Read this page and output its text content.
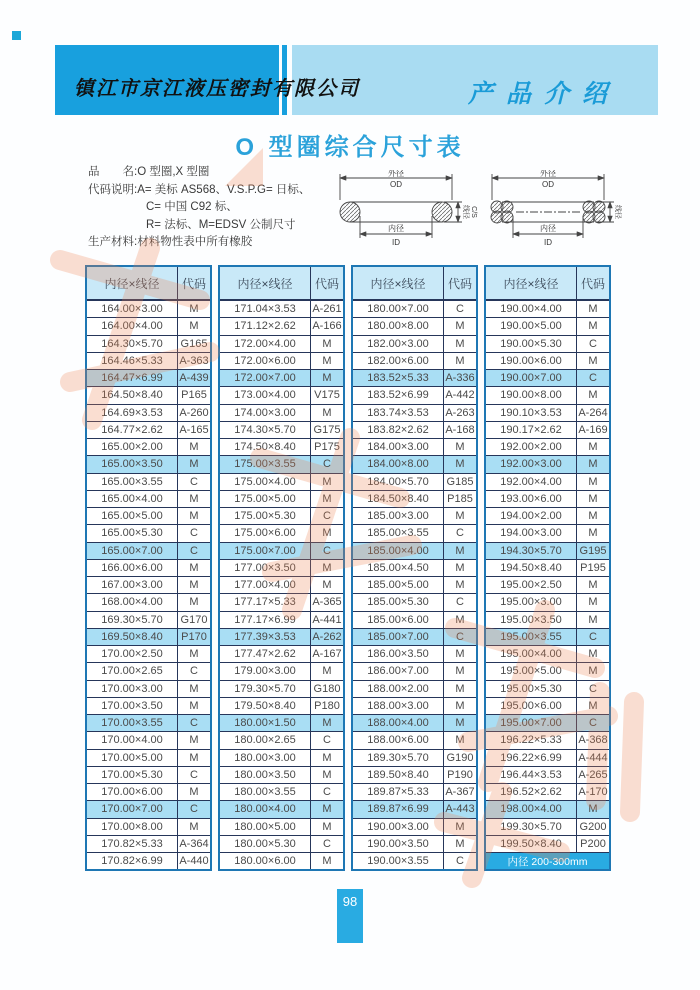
镇江市京江液压密封有限公司	产品介绍
O 型圈综合尺寸表
品　　名:O 型圈,X 型圈
代码说明:A= 美标 AS568、V.S.P.G= 日标、
C= 中国 C92 标、
R= 法标、M=EDSV 公制尺寸
生产材料:材料物性表中所有橡胶
外径
OD
内径
ID
线径 C/S
外径
OD
内径
ID
线径
内径×线径	代码
164.00×3.00	M
164.00×4.00	M
164.30×5.70	G165
164.46×5.33	A-363
164.47×6.99	A-439
164.50×8.40	P165
164.69×3.53	A-260
164.77×2.62	A-165
165.00×2.00	M
165.00×3.50	M
165.00×3.55	C
165.00×4.00	M
165.00×5.00	M
165.00×5.30	C
165.00×7.00	C
166.00×6.00	M
167.00×3.00	M
168.00×4.00	M
169.30×5.70	G170
169.50×8.40	P170
170.00×2.50	M
170.00×2.65	C
170.00×3.00	M
170.00×3.50	M
170.00×3.55	C
170.00×4.00	M
170.00×5.00	M
170.00×5.30	C
170.00×6.00	M
170.00×7.00	C
170.00×8.00	M
170.82×5.33	A-364
170.82×6.99	A-440
内径×线径	代码
171.04×3.53	A-261
171.12×2.62	A-166
172.00×4.00	M
172.00×6.00	M
172.00×7.00	M
173.00×4.00	V175
174.00×3.00	M
174.30×5.70	G175
174.50×8.40	P175
175.00×3.55	C
175.00×4.00	M
175.00×5.00	M
175.00×5.30	C
175.00×6.00	M
175.00×7.00	C
177.00×3.50	M
177.00×4.00	M
177.17×5.33	A-365
177.17×6.99	A-441
177.39×3.53	A-262
177.47×2.62	A-167
179.00×3.00	M
179.30×5.70	G180
179.50×8.40	P180
180.00×1.50	M
180.00×2.65	C
180.00×3.00	M
180.00×3.50	M
180.00×3.55	C
180.00×4.00	M
180.00×5.00	M
180.00×5.30	C
180.00×6.00	M
内径×线径	代码
180.00×7.00	C
180.00×8.00	M
182.00×3.00	M
182.00×6.00	M
183.52×5.33	A-336
183.52×6.99	A-442
183.74×3.53	A-263
183.82×2.62	A-168
184.00×3.00	M
184.00×8.00	M
184.00×5.70	G185
184.50×8.40	P185
185.00×3.00	M
185.00×3.55	C
185.00×4.00	M
185.00×4.50	M
185.00×5.00	M
185.00×5.30	C
185.00×6.00	M
185.00×7.00	C
186.00×3.50	M
186.00×7.00	M
188.00×2.00	M
188.00×3.00	M
188.00×4.00	M
188.00×6.00	M
189.30×5.70	G190
189.50×8.40	P190
189.87×5.33	A-367
189.87×6.99	A-443
190.00×3.00	M
190.00×3.50	M
190.00×3.55	C
内径×线径	代码
190.00×4.00	M
190.00×5.00	M
190.00×5.30	C
190.00×6.00	M
190.00×7.00	C
190.00×8.00	M
190.10×3.53	A-264
190.17×2.62	A-169
192.00×2.00	M
192.00×3.00	M
192.00×4.00	M
193.00×6.00	M
194.00×2.00	M
194.00×3.00	M
194.30×5.70	G195
194.50×8.40	P195
195.00×2.50	M
195.00×3.00	M
195.00×3.50	M
195.00×3.55	C
195.00×4.00	M
195.00×5.00	M
195.00×5.30	C
195.00×6.00	M
195.00×7.00	C
196.22×5.33	A-368
196.22×6.99	A-444
196.44×3.53	A-265
196.52×2.62	A-170
198.00×4.00	M
199.30×5.70	G200
199.50×8.40	P200
内径 200-300mm
98
